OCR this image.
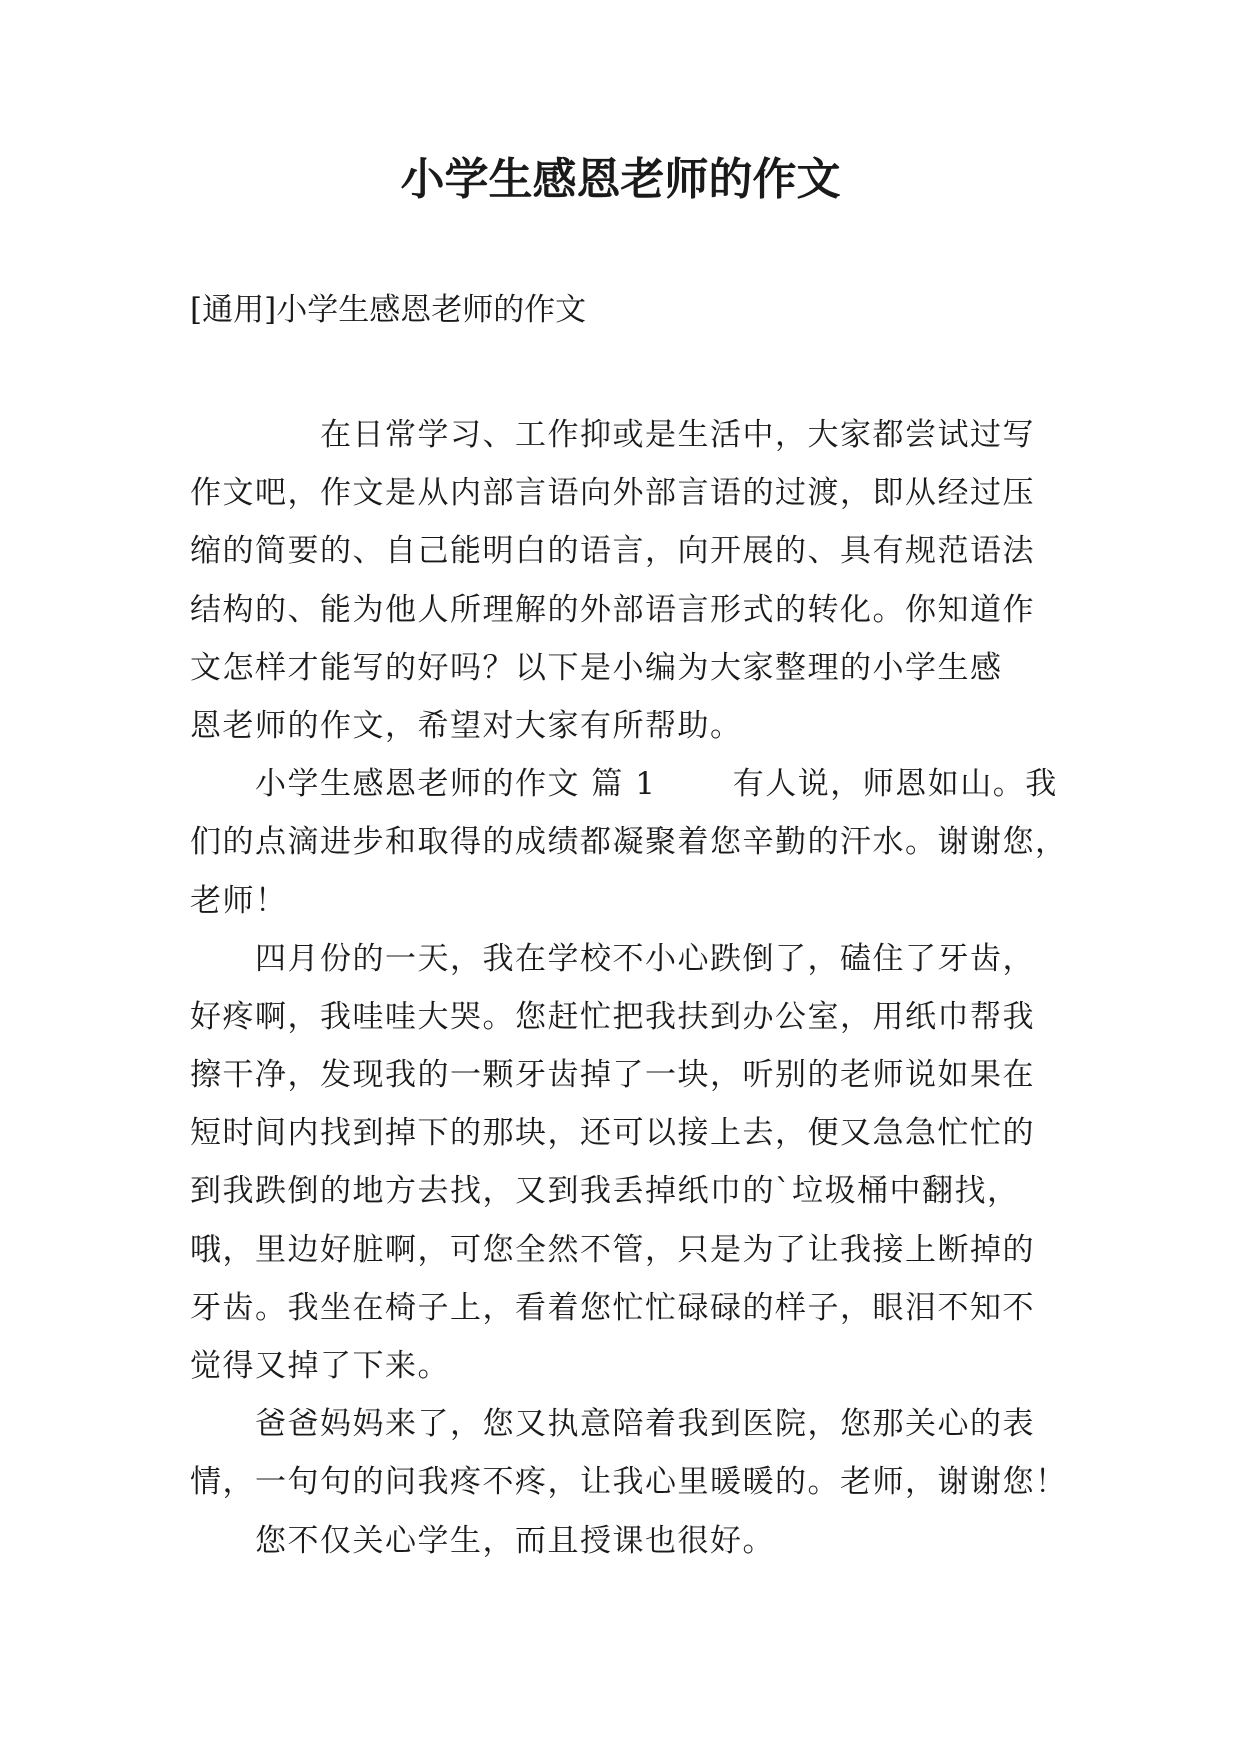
小学生感恩老师的作文

[通用]小学生感恩老师的作文

　　　　在日常学习、工作抑或是生活中，大家都尝试过写
作文吧，作文是从内部言语向外部言语的过渡，即从经过压
缩的简要的、自己能明白的语言，向开展的、具有规范语法
结构的、能为他人所理解的外部语言形式的转化。你知道作
文怎样才能写的好吗？以下是小编为大家整理的小学生感
恩老师的作文，希望对大家有所帮助。
　　小学生感恩老师的作文 篇 1　　 有人说，师恩如山。我
们的点滴进步和取得的成绩都凝聚着您辛勤的汗水。谢谢您，
老师！
　　四月份的一天，我在学校不小心跌倒了，磕住了牙齿，
好疼啊，我哇哇大哭。您赶忙把我扶到办公室，用纸巾帮我
擦干净，发现我的一颗牙齿掉了一块，听别的老师说如果在
短时间内找到掉下的那块，还可以接上去，便又急急忙忙的
到我跌倒的地方去找，又到我丢掉纸巾的`垃圾桶中翻找，
哦，里边好脏啊，可您全然不管，只是为了让我接上断掉的
牙齿。我坐在椅子上，看着您忙忙碌碌的样子，眼泪不知不
觉得又掉了下来。
　　爸爸妈妈来了，您又执意陪着我到医院，您那关心的表
情，一句句的问我疼不疼，让我心里暖暖的。老师，谢谢您！
　　您不仅关心学生，而且授课也很好。
